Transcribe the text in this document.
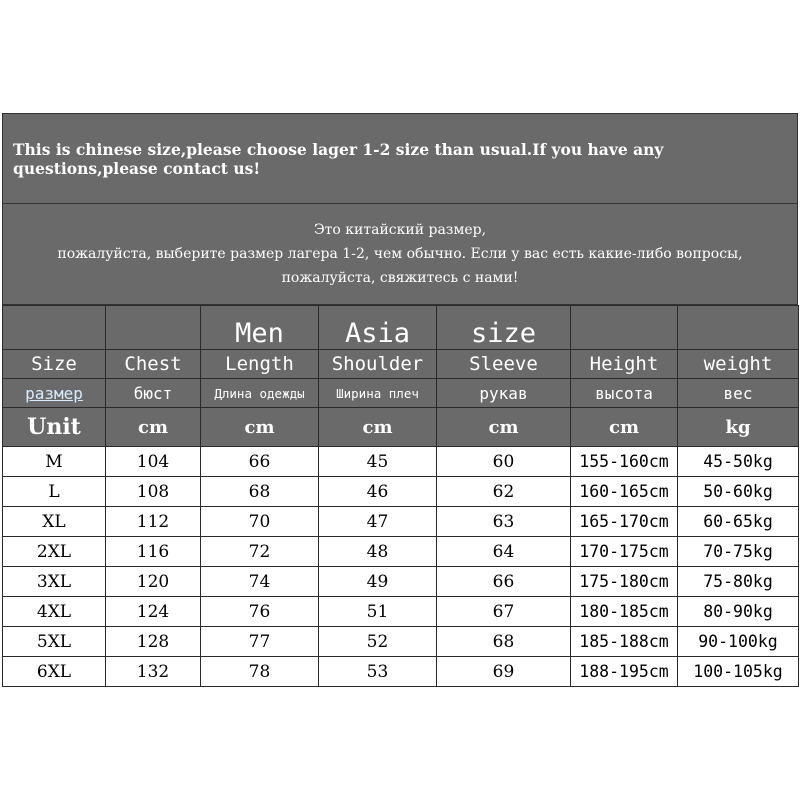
This is chinese size,please choose lager 1-2 size than usual.If you have any questions,please contact us!
Это китайский размер,
пожалуйста, выберите размер лагера 1-2, чем обычно. Если у вас есть какие-либо вопросы,
пожалуйста, свяжитесь с нами!
		Men	Asia	size		
Size	Chest	Length	Shoulder	Sleeve	Height	weight
размер	бюст	Длина одежды	Ширина плеч	рукав	высота	вес
Unit	cm	cm	cm	cm	cm	kg
M	104	66	45	60	155-160cm	45-50kg
L	108	68	46	62	160-165cm	50-60kg
XL	112	70	47	63	165-170cm	60-65kg
2XL	116	72	48	64	170-175cm	70-75kg
3XL	120	74	49	66	175-180cm	75-80kg
4XL	124	76	51	67	180-185cm	80-90kg
5XL	128	77	52	68	185-188cm	90-100kg
6XL	132	78	53	69	188-195cm	100-105kg
